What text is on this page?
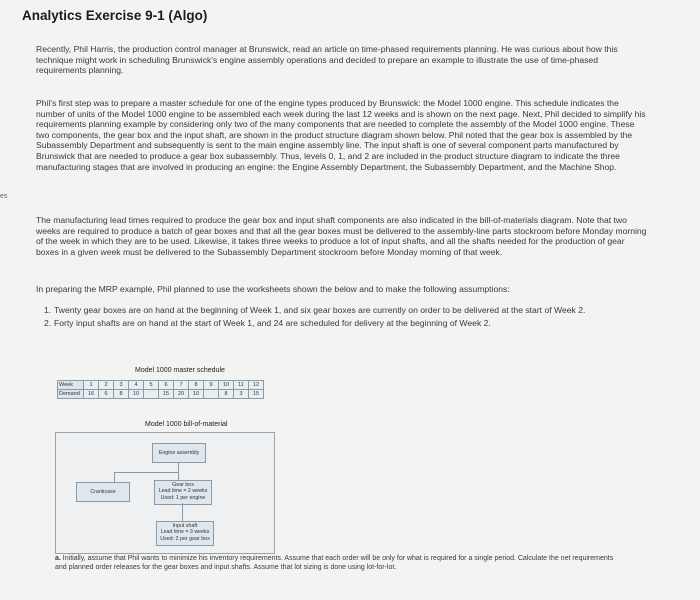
Analytics Exercise 9-1 (Algo)

Recently, Phil Harris, the production control manager at Brunswick, read an article on time-phased requirements planning. He was curious about how this technique might work in scheduling Brunswick's engine assembly operations and decided to prepare an example to illustrate the use of time-phased requirements planning.

Phil's first step was to prepare a master schedule for one of the engine types produced by Brunswick: the Model 1000 engine. This schedule indicates the number of units of the Model 1000 engine to be assembled each week during the last 12 weeks and is shown on the next page. Next, Phil decided to simplify his requirements planning example by considering only two of the many components that are needed to complete the assembly of the Model 1000 engine. These two components, the gear box and the input shaft, are shown in the product structure diagram shown below. Phil noted that the gear box is assembled by the Subassembly Department and subsequently is sent to the main engine assembly line. The input shaft is one of several component parts manufactured by Brunswick that are needed to produce a gear box subassembly. Thus, levels 0, 1, and 2 are included in the product structure diagram to indicate the three manufacturing stages that are involved in producing an engine: the Engine Assembly Department, the Subassembly Department, and the Machine Shop.

The manufacturing lead times required to produce the gear box and input shaft components are also indicated in the bill-of-materials diagram. Note that two weeks are required to produce a batch of gear boxes and that all the gear boxes must be delivered to the assembly-line parts stockroom before Monday morning of the week in which they are to be used. Likewise, it takes three weeks to produce a lot of input shafts, and all the shafts needed for the production of gear boxes in a given week must be delivered to the Subassembly Department stockroom before Monday morning of that week.

In preparing the MRP example, Phil planned to use the worksheets shown the below and to make the following assumptions:

es
1. Twenty gear boxes are on hand at the beginning of Week 1, and six gear boxes are currently on order to be delivered at the start of Week 2.
2. Forty input shafts are on hand at the start of Week 1, and 24 are scheduled for delivery at the beginning of Week 2.
Model 1000 master schedule
Week	1	2	3	4	5	6	7	8	9	10	11	12
Demand	16	6	8	10		15	20	10		8	3	15
Model 1000 bill-of-material
Engine assembly
Crankcase
Gear box
Lead time = 2 weeks
Used: 1 per engine
Input shaft
Lead time = 3 weeks
Used: 2 per gear box
a. Initially, assume that Phil wants to minimize his inventory requirements. Assume that each order will be only for what is required for a single period. Calculate the net requirements and planned order releases for the gear boxes and input shafts. Assume that lot sizing is done using lot-for-lot.
